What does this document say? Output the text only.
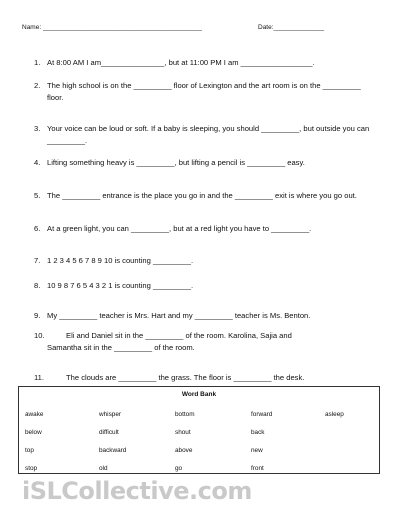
Name: ____________________________________________	Date:______________
1. At 8:00 AM I am_______________, but at 11:00 PM I am _________________.
2. The high school is on the _________ floor of Lexington and the art room is on the _________ floor.
3. Your voice can be loud or soft. If a baby is sleeping, you should _________, but outside you can _________.
4. Lifting something heavy is _________, but lifting a pencil is _________ easy.
5. The _________ entrance is the place you go in and the _________ exit is where you go out.
6. At a green light, you can _________, but at a red light you have to _________.
7. 1 2 3 4 5 6 7 8 9 10 is counting _________.
8. 10 9 8 7 6 5 4 3 2 1 is counting _________.
9. My _________ teacher is Mrs. Hart and my _________ teacher is Ms. Benton.
10.	Eli and Daniel sit in the _________ of the room. Karolina, Sajia and
Samantha sit in the _________ of the room.
11.	The clouds are _________ the grass. The floor is _________ the desk.
Word Bank
awake	whisper	bottom	forward	asleep
below	difficult	shout	back
top	backward	above	new
stop	old	go	front
iSLCollective.com
